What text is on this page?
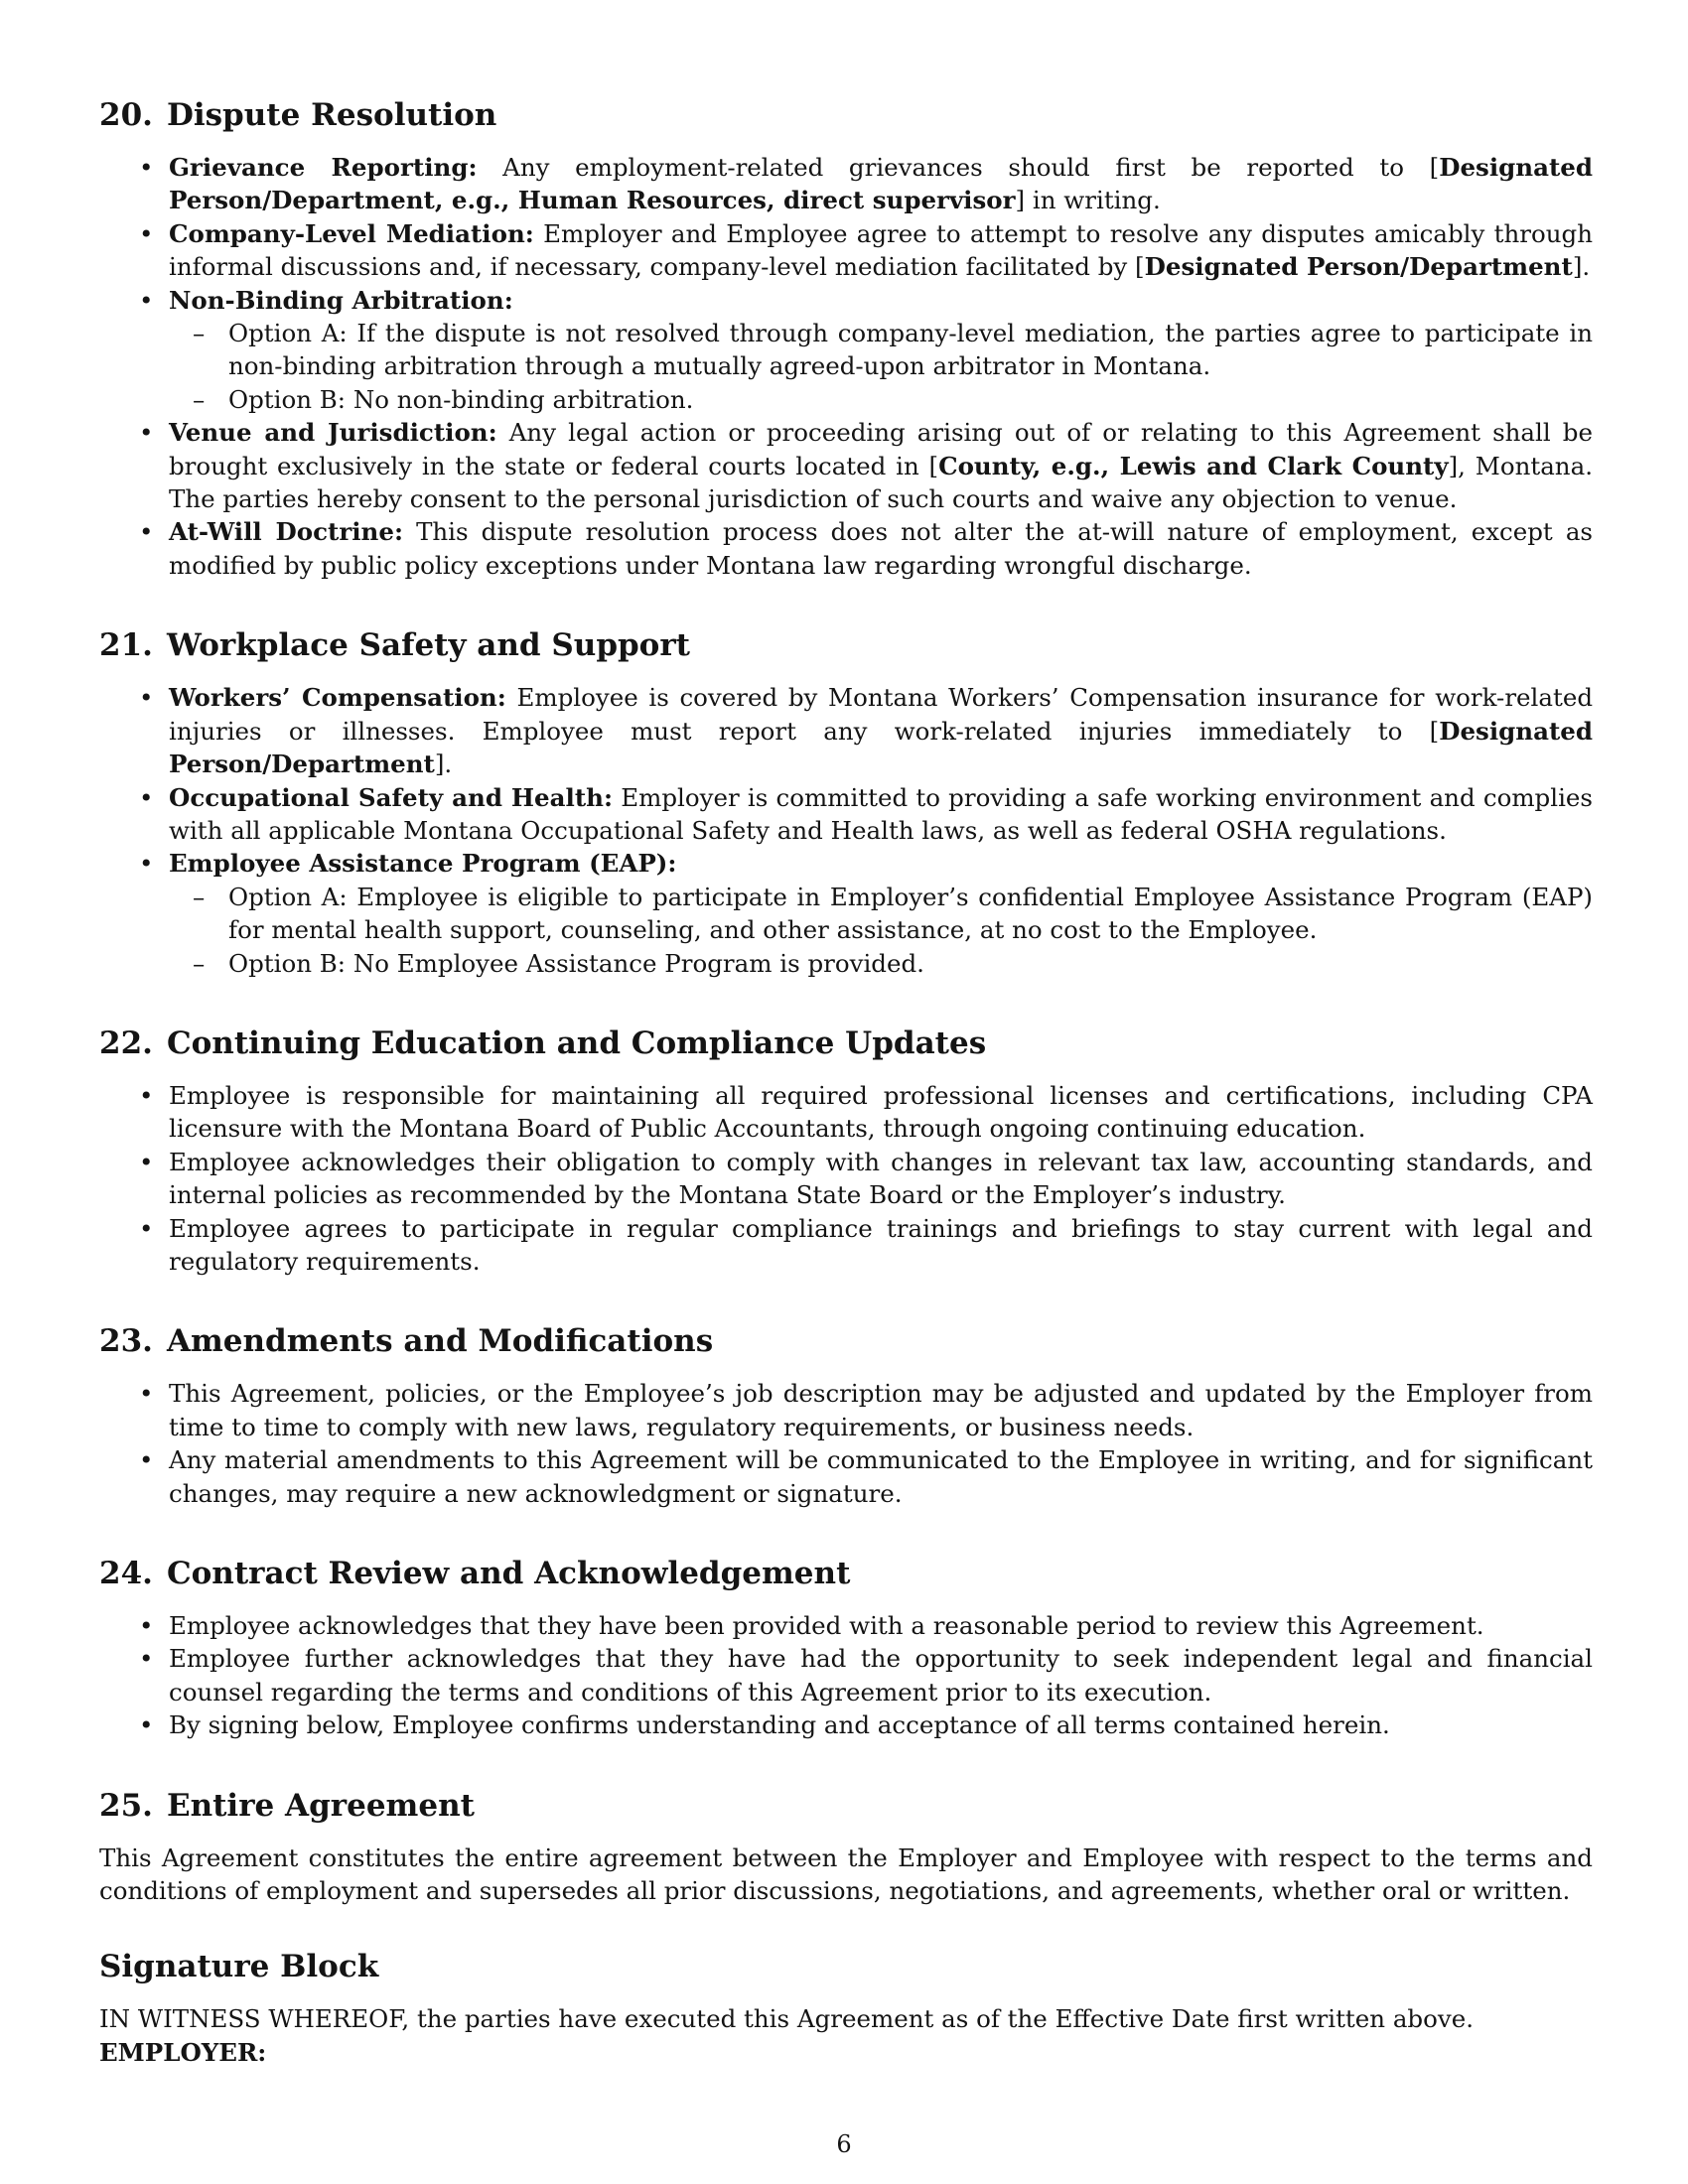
20. Dispute Resolution
• Grievance Reporting: Any employment-related grievances should first be reported to [Designated Person/Department, e.g., Human Resources, direct supervisor] in writing.
• Company-Level Mediation: Employer and Employee agree to attempt to resolve any disputes amicably through informal discussions and, if necessary, company-level mediation facilitated by [Designated Person/Department].
• Non-Binding Arbitration:
– Option A: If the dispute is not resolved through company-level mediation, the parties agree to participate in non-binding arbitration through a mutually agreed-upon arbitrator in Montana.
– Option B: No non-binding arbitration.
• Venue and Jurisdiction: Any legal action or proceeding arising out of or relating to this Agreement shall be brought exclusively in the state or federal courts located in [County, e.g., Lewis and Clark County], Montana. The parties hereby consent to the personal jurisdiction of such courts and waive any objection to venue.
• At-Will Doctrine: This dispute resolution process does not alter the at-will nature of employment, except as modified by public policy exceptions under Montana law regarding wrongful discharge.
21. Workplace Safety and Support
• Workers’ Compensation: Employee is covered by Montana Workers’ Compensation insurance for work-related injuries or illnesses. Employee must report any work-related injuries immediately to [Designated Person/Department].
• Occupational Safety and Health: Employer is committed to providing a safe working environment and complies with all applicable Montana Occupational Safety and Health laws, as well as federal OSHA regulations.
• Employee Assistance Program (EAP):
– Option A: Employee is eligible to participate in Employer’s confidential Employee Assistance Program (EAP) for mental health support, counseling, and other assistance, at no cost to the Employee.
– Option B: No Employee Assistance Program is provided.
22. Continuing Education and Compliance Updates
• Employee is responsible for maintaining all required professional licenses and certifications, including CPA licensure with the Montana Board of Public Accountants, through ongoing continuing education.
• Employee acknowledges their obligation to comply with changes in relevant tax law, accounting standards, and internal policies as recommended by the Montana State Board or the Employer’s industry.
• Employee agrees to participate in regular compliance trainings and briefings to stay current with legal and regulatory requirements.
23. Amendments and Modifications
• This Agreement, policies, or the Employee’s job description may be adjusted and updated by the Employer from time to time to comply with new laws, regulatory requirements, or business needs.
• Any material amendments to this Agreement will be communicated to the Employee in writing, and for significant changes, may require a new acknowledgment or signature.
24. Contract Review and Acknowledgement
• Employee acknowledges that they have been provided with a reasonable period to review this Agreement.
• Employee further acknowledges that they have had the opportunity to seek independent legal and financial counsel regarding the terms and conditions of this Agreement prior to its execution.
• By signing below, Employee confirms understanding and acceptance of all terms contained herein.
25. Entire Agreement

This Agreement constitutes the entire agreement between the Employer and Employee with respect to the terms and conditions of employment and supersedes all prior discussions, negotiations, and agreements, whether oral or written.

Signature Block

IN WITNESS WHEREOF, the parties have executed this Agreement as of the Effective Date first written above.

EMPLOYER:

6
